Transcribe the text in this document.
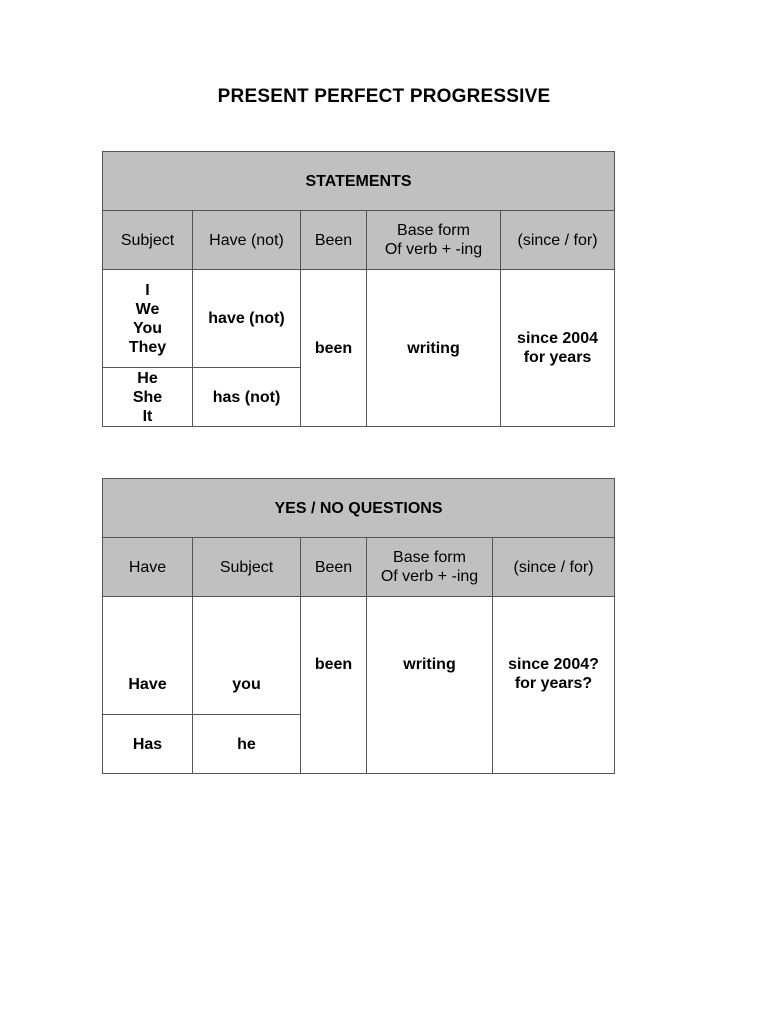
PRESENT PERFECT PROGRESSIVE
STATEMENTS				
Subject	Have (not)	Been	Base form
Of verb + -ing	(since / for)

I
We
You
They	have (not)	been	writing	since 2004
for years

He
She
It	has (not)			
YES / NO QUESTIONS				
Have	Subject	Been	Base form
Of verb + -ing	(since / for)
Have	you	been	writing	since 2004?
for years?

Has	he			
